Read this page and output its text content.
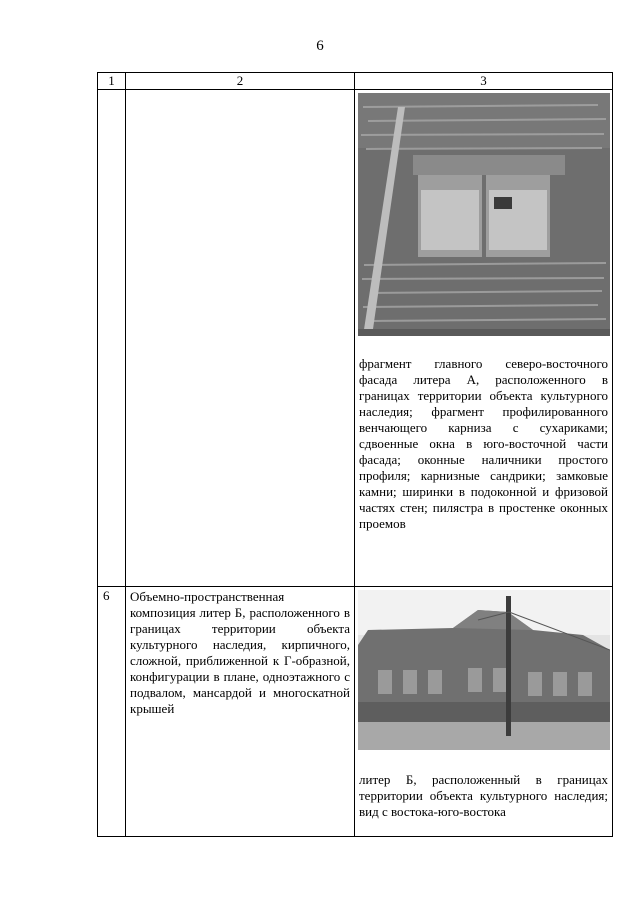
6
1	2	3

		фрагмент главного северо-восточного фасада литера А, расположенного в границах территории объекта культурного наследия; фрагмент профилированного венчающего карниза с сухариками; сдвоенные окна в юго-восточной части фасада; оконные наличники простого профиля; карнизные сандрики; замковые камни; ширинки в подоконной и фризовой частях стен; пилястра в простенке оконных проемов

6	Объемно-пространственная композиция литер Б, расположенного в границах территории объекта культурного наследия, кирпичного, сложной, приближенной к Г-образной, конфигурации в плане, одноэтажного с подвалом, мансардой и многоскатной крышей	литер Б, расположенный в границах территории объекта культурного наследия; вид с востока-юго-востока
